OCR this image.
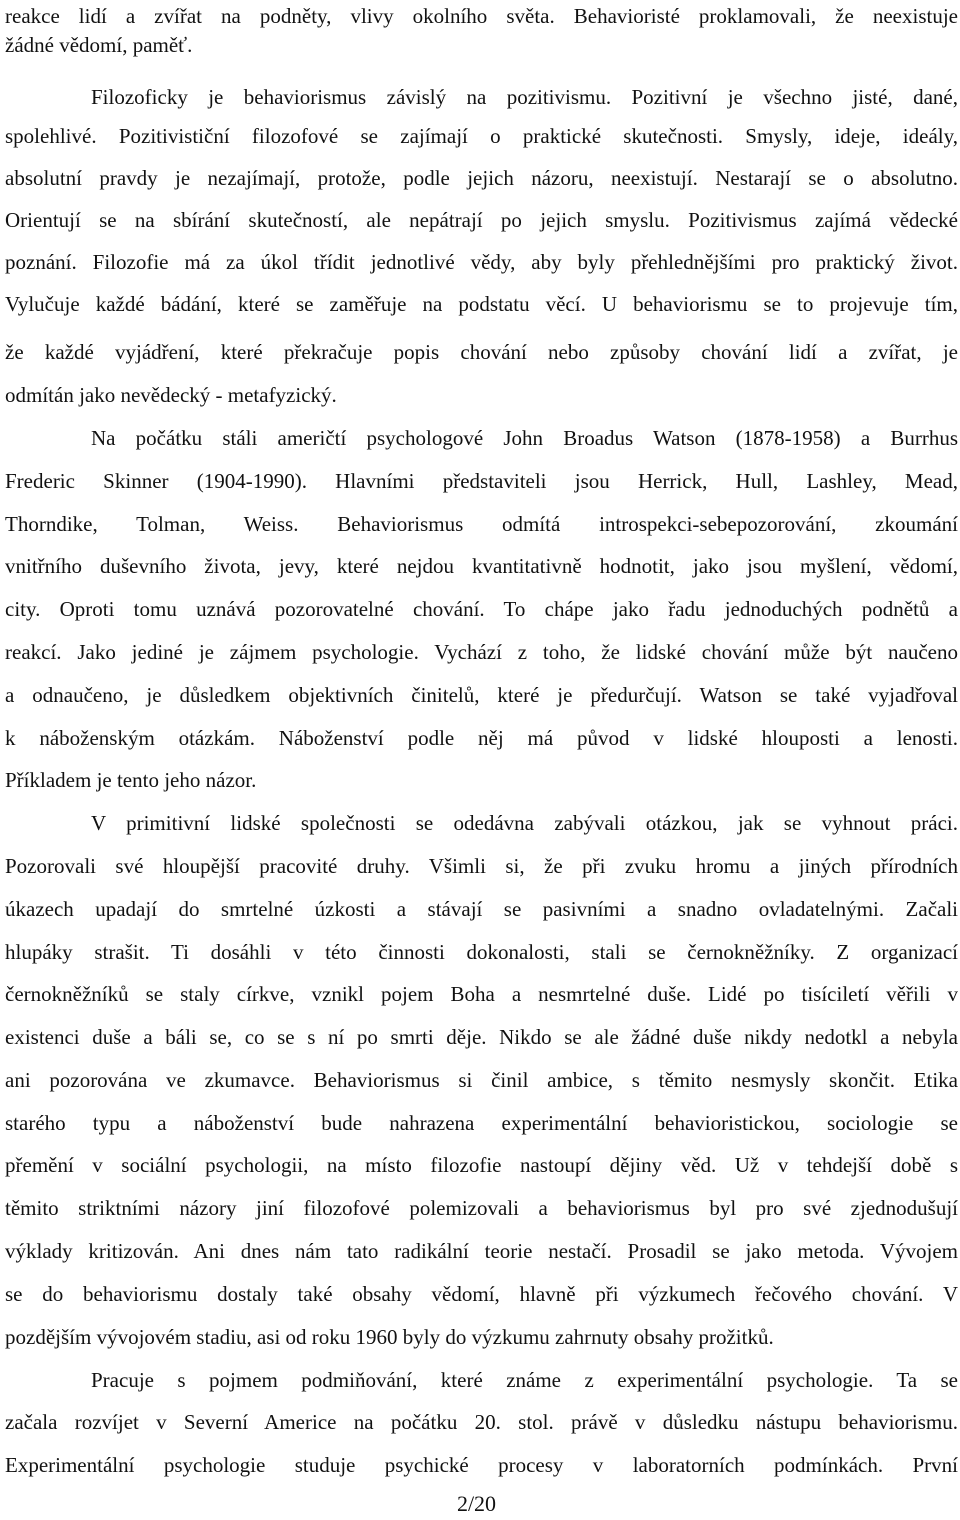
reakce lidí a zvířat na podněty, vlivy okolního světa. Behavioristé proklamovali, že neexistuje
žádné vědomí, paměť.
Filozoficky je behaviorismus závislý na pozitivismu. Pozitivní je všechno jisté, dané,
spolehlivé. Pozitivističní filozofové se zajímají o praktické skutečnosti. Smysly, ideje, ideály,
absolutní pravdy je nezajímají, protože, podle jejich názoru, neexistují. Nestarají se o absolutno.
Orientují se na sbírání skutečností, ale nepátrají po jejich smyslu. Pozitivismus zajímá vědecké
poznání. Filozofie má za úkol třídit jednotlivé vědy, aby byly přehlednějšími pro praktický život.
Vylučuje každé bádání, které se zaměřuje na podstatu věcí. U behaviorismu se to projevuje tím,
že každé vyjádření, které překračuje popis chování nebo způsoby chování lidí a zvířat, je
odmítán jako nevědecký - metafyzický.
Na počátku stáli američtí psychologové John Broadus Watson (1878-1958) a Burrhus
Frederic Skinner (1904-1990). Hlavními představiteli jsou Herrick, Hull, Lashley, Mead,
Thorndike, Tolman, Weiss. Behaviorismus odmítá introspekci-sebepozorování, zkoumání
vnitřního duševního života, jevy, které nejdou kvantitativně hodnotit, jako jsou myšlení, vědomí,
city. Oproti tomu uznává pozorovatelné chování. To chápe jako řadu jednoduchých podnětů a
reakcí. Jako jediné je zájmem psychologie. Vychází z toho, že lidské chování může být naučeno
a odnaučeno, je důsledkem objektivních činitelů, které je předurčují. Watson se také vyjadřoval
k náboženským otázkám. Náboženství podle něj má původ v lidské hlouposti a lenosti.
Příkladem je tento jeho názor.
V primitivní lidské společnosti se odedávna zabývali otázkou, jak se vyhnout práci.
Pozorovali své hloupější pracovité druhy. Všimli si, že při zvuku hromu a jiných přírodních
úkazech upadají do smrtelné úzkosti a stávají se pasivními a snadno ovladatelnými. Začali
hlupáky strašit. Ti dosáhli v této činnosti dokonalosti, stali se černokněžníky. Z organizací
černokněžníků se staly církve, vznikl pojem Boha a nesmrtelné duše. Lidé po tisíciletí věřili v
existenci duše a báli se, co se s ní po smrti děje. Nikdo se ale žádné duše nikdy nedotkl a nebyla
ani pozorována ve zkumavce. Behaviorismus si činil ambice, s těmito nesmysly skončit. Etika
starého typu a náboženství bude nahrazena experimentální behavioristickou, sociologie se
přemění v sociální psychologii, na místo filozofie nastoupí dějiny věd. Už v tehdejší době s
těmito striktními názory jiní filozofové polemizovali a behaviorismus byl pro své zjednodušují
výklady kritizován. Ani dnes nám tato radikální teorie nestačí. Prosadil se jako metoda. Vývojem
se do behaviorismu dostaly také obsahy vědomí, hlavně při výzkumech řečového chování. V
pozdějším vývojovém stadiu, asi od roku 1960 byly do výzkumu zahrnuty obsahy prožitků.
Pracuje s pojmem podmiňování, které známe z experimentální psychologie. Ta se
začala rozvíjet v Severní Americe na počátku 20. stol. právě v důsledku nástupu behaviorismu.
Experimentální psychologie studuje psychické procesy v laboratorních podmínkách. První
2/20
